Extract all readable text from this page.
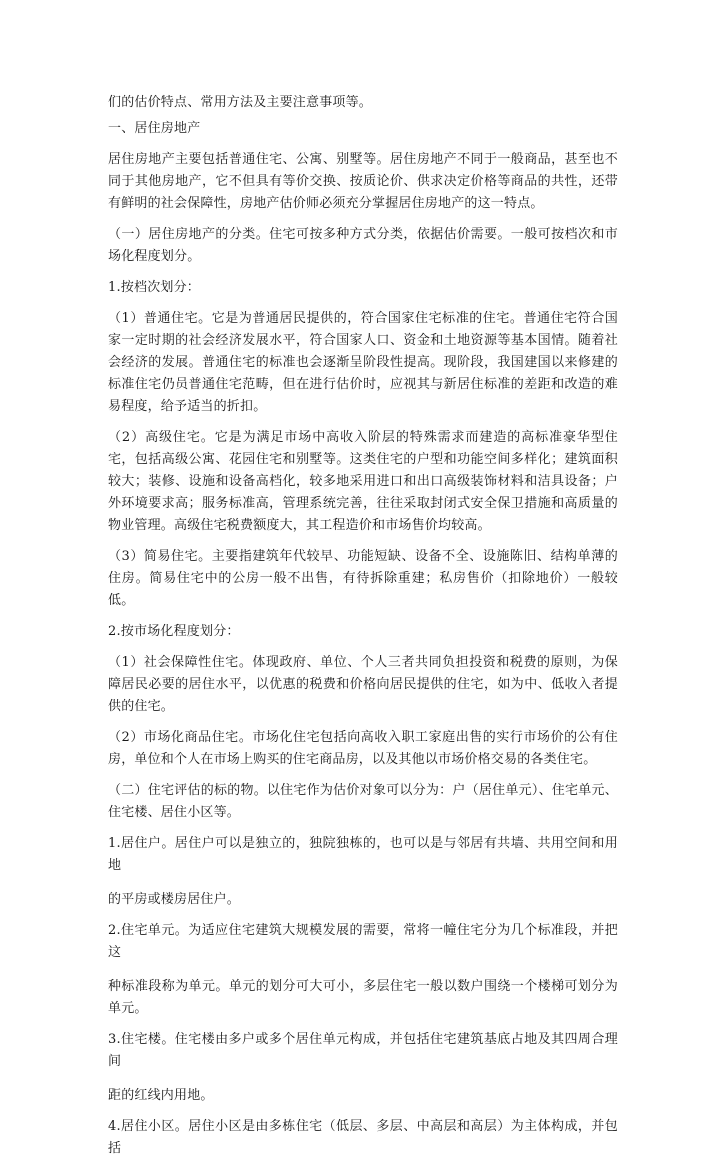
们的估价特点、常用方法及主要注意事项等。

一、居住房地产

居住房地产主要包括普通住宅、公寓、别墅等。居住房地产不同于一般商品，甚至也不同于其他房地产，它不但具有等价交换、按质论价、供求决定价格等商品的共性，还带有鲜明的社会保障性，房地产估价师必须充分掌握居住房地产的这一特点。

（一）居住房地产的分类。住宅可按多种方式分类，依据估价需要。一般可按档次和市场化程度划分。

1.按档次划分：

（1）普通住宅。它是为普通居民提供的，符合国家住宅标准的住宅。普通住宅符合国家一定时期的社会经济发展水平，符合国家人口、资金和土地资源等基本国情。随着社会经济的发展。普通住宅的标准也会逐渐呈阶段性提高。现阶段，我国建国以来修建的标准住宅仍员普通住宅范畴，但在进行估价时，应视其与新居住标准的差距和改造的难易程度，给予适当的折扣。

（2）高级住宅。它是为满足市场中高收入阶层的特殊需求而建造的高标准豪华型住宅，包括高级公寓、花园住宅和别墅等。这类住宅的户型和功能空间多样化；建筑面积较大；装修、设施和设备高档化，较多地采用进口和出口高级装饰材料和洁具设备；户外环境要求高；服务标准高，管理系统完善，往往采取封闭式安全保卫措施和高质量的物业管理。高级住宅税费额度大，其工程造价和市场售价均较高。

（3）简易住宅。主要指建筑年代较早、功能短缺、设备不全、设施陈旧、结构单薄的住房。简易住宅中的公房一般不出售，有待拆除重建；私房售价（扣除地价）一般较低。

2.按市场化程度划分：

（1）社会保障性住宅。体现政府、单位、个人三者共同负担投资和税费的原则，为保障居民必要的居住水平，以优惠的税费和价格向居民提供的住宅，如为中、低收入者提供的住宅。

（2）市场化商品住宅。市场化住宅包括向高收入职工家庭出售的实行市场价的公有住房，单位和个人在市场上购买的住宅商品房，以及其他以市场价格交易的各类住宅。

（二）住宅评估的标的物。以住宅作为估价对象可以分为：户（居住单元）、住宅单元、住宅楼、居住小区等。

1.居住户。居住户可以是独立的，独院独栋的，也可以是与邻居有共墙、共用空间和用地

的平房或楼房居住户。

2.住宅单元。为适应住宅建筑大规模发展的需要，常将一幢住宅分为几个标准段，并把这

种标准段称为单元。单元的划分可大可小，多层住宅一般以数户围绕一个楼梯可划分为单元。

3.住宅楼。住宅楼由多户或多个居住单元构成，并包括住宅建筑基底占地及其四周合理间

距的红线内用地。

4.居住小区。居住小区是由多栋住宅（低层、多层、中高层和高层）为主体构成，并包括
